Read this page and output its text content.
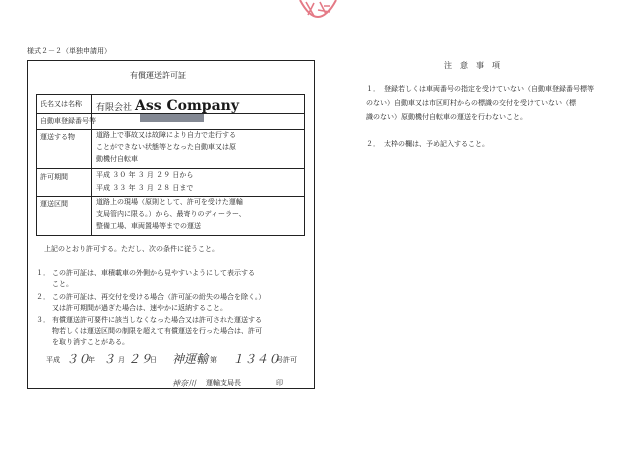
様式２－２（単独申請用）
有償運送許可証
氏名又は名称
自動車登録番号等
運送する物
許可期間
運送区間
有限会社 Ass Company
道路上で事故又は故障により自力で走行する
ことができない状態等となった自動車又は原
動機付自転車
平成 ３０ 年 ３ 月 ２９ 日から
平成 ３３ 年 ３ 月 ２８ 日まで
道路上の現場（原則として、許可を受けた運輸
支局管内に限る。）から、最寄りのディーラー、
整備工場、車両置場等までの運送
上記のとおり許可する。ただし、次の条件に従うこと。
１． この許可証は、車積載車の外側から見やすいようにして表示する
こと。
２． この許可証は、再交付を受ける場合（許可証の紛失の場合を除く。）
又は許可期間が過ぎた場合は、速やかに返納すること。
３． 有償運送許可要件に該当しなくなった場合又は許可された運送する
物若しくは運送区間の制限を超えて有償運送を行った場合は、許可
を取り消すことがある。
平成 ３０
年 ３ 月 ２９
日 神運輸 第 １３４０
号許可
神奈川 運輸支局長	印
注　意　事　項
１． 登録若しくは車両番号の指定を受けていない（自動車登録番号標等
のない）自動車又は市区町村からの標識の交付を受けていない（標
識のない）原動機付自転車の運送を行わないこと。
２． 太枠の欄は、予め記入すること。
